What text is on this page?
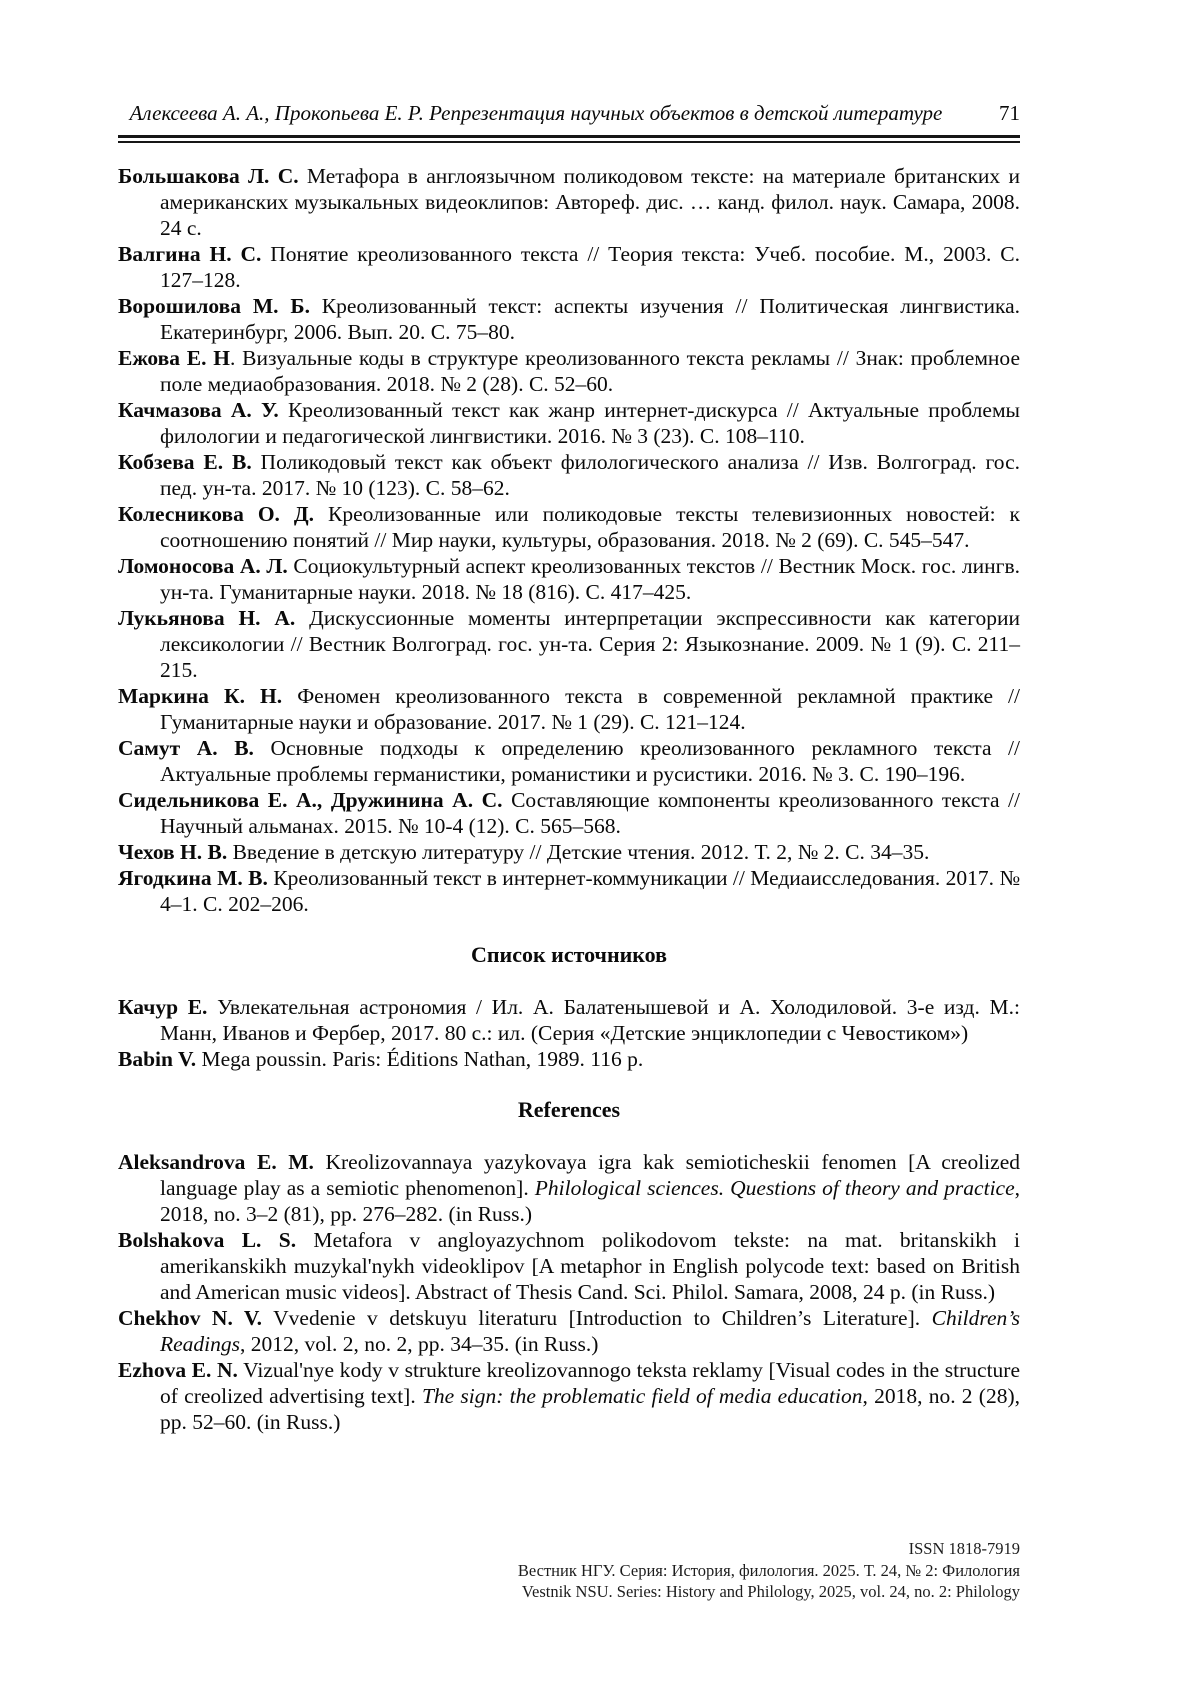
Алексеева А. А., Прокопьева Е. Р. Репрезентация научных объектов в детской литературе	71

Большакова Л. С. Метафора в англоязычном поликодовом тексте: на материале британских и американских музыкальных видеоклипов: Автореф. дис. … канд. филол. наук. Самара, 2008. 24 с.

Валгина Н. С. Понятие креолизованного текста // Теория текста: Учеб. пособие. М., 2003. С. 127–128.

Ворошилова М. Б. Креолизованный текст: аспекты изучения // Политическая лингвистика. Екатеринбург, 2006. Вып. 20. С. 75–80.

Ежова Е. Н. Визуальные коды в структуре креолизованного текста рекламы // Знак: проблемное поле медиаобразования. 2018. № 2 (28). С. 52–60.

Качмазова А. У. Креолизованный текст как жанр интернет-дискурса // Актуальные проблемы филологии и педагогической лингвистики. 2016. № 3 (23). С. 108–110.

Кобзева Е. В. Поликодовый текст как объект филологического анализа // Изв. Волгоград. гос. пед. ун-та. 2017. № 10 (123). С. 58–62.

Колесникова О. Д. Креолизованные или поликодовые тексты телевизионных новостей: к соотношению понятий // Мир науки, культуры, образования. 2018. № 2 (69). С. 545–547.

Ломоносова А. Л. Социокультурный аспект креолизованных текстов // Вестник Моск. гос. лингв. ун-та. Гуманитарные науки. 2018. № 18 (816). С. 417–425.

Лукьянова Н. А. Дискуссионные моменты интерпретации экспрессивности как категории лексикологии // Вестник Волгоград. гос. ун-та. Серия 2: Языкознание. 2009. № 1 (9). С. 211–215.

Маркина К. Н. Феномен креолизованного текста в современной рекламной практике // Гуманитарные науки и образование. 2017. № 1 (29). С. 121–124.

Самут А. В. Основные подходы к определению креолизованного рекламного текста // Актуальные проблемы германистики, романистики и русистики. 2016. № 3. С. 190–196.

Сидельникова Е. А., Дружинина А. С. Составляющие компоненты креолизованного текста // Научный альманах. 2015. № 10-4 (12). С. 565–568.

Чехов Н. В. Введение в детскую литературу // Детские чтения. 2012. Т. 2, № 2. С. 34–35.

Ягодкина М. В. Креолизованный текст в интернет-коммуникации // Медиаисследования. 2017. № 4–1. С. 202–206.

Список источников

Качур Е. Увлекательная астрономия / Ил. А. Балатенышевой и А. Холодиловой. 3-е изд. М.: Манн, Иванов и Фербер, 2017. 80 с.: ил. (Серия «Детские энциклопедии с Чевостиком»)

Babin V. Mega poussin. Paris: Éditions Nathan, 1989. 116 p.

References

Aleksandrova E. M. Kreolizovannaya yazykovaya igra kak semioticheskii fenomen [A creolized language play as a semiotic phenomenon]. Philological sciences. Questions of theory and practice, 2018, no. 3–2 (81), pp. 276–282. (in Russ.)

Bolshakova L. S. Metafora v angloyazychnom polikodovom tekste: na mat. britanskikh i amerikanskikh muzykal'nykh videoklipov [A metaphor in English polycode text: based on British and American music videos]. Abstract of Thesis Cand. Sci. Philol. Samara, 2008, 24 p. (in Russ.)

Chekhov N. V. Vvedenie v detskuyu literaturu [Introduction to Children’s Literature]. Children’s Readings, 2012, vol. 2, no. 2, pp. 34–35. (in Russ.)

Ezhova E. N. Vizual'nye kody v strukture kreolizovannogo teksta reklamy [Visual codes in the structure of creolized advertising text]. The sign: the problematic field of media education, 2018, no. 2 (28), pp. 52–60. (in Russ.)

ISSN 1818-7919
Вестник НГУ. Серия: История, филология. 2025. Т. 24, № 2: Филология
Vestnik NSU. Series: History and Philology, 2025, vol. 24, no. 2: Philology
